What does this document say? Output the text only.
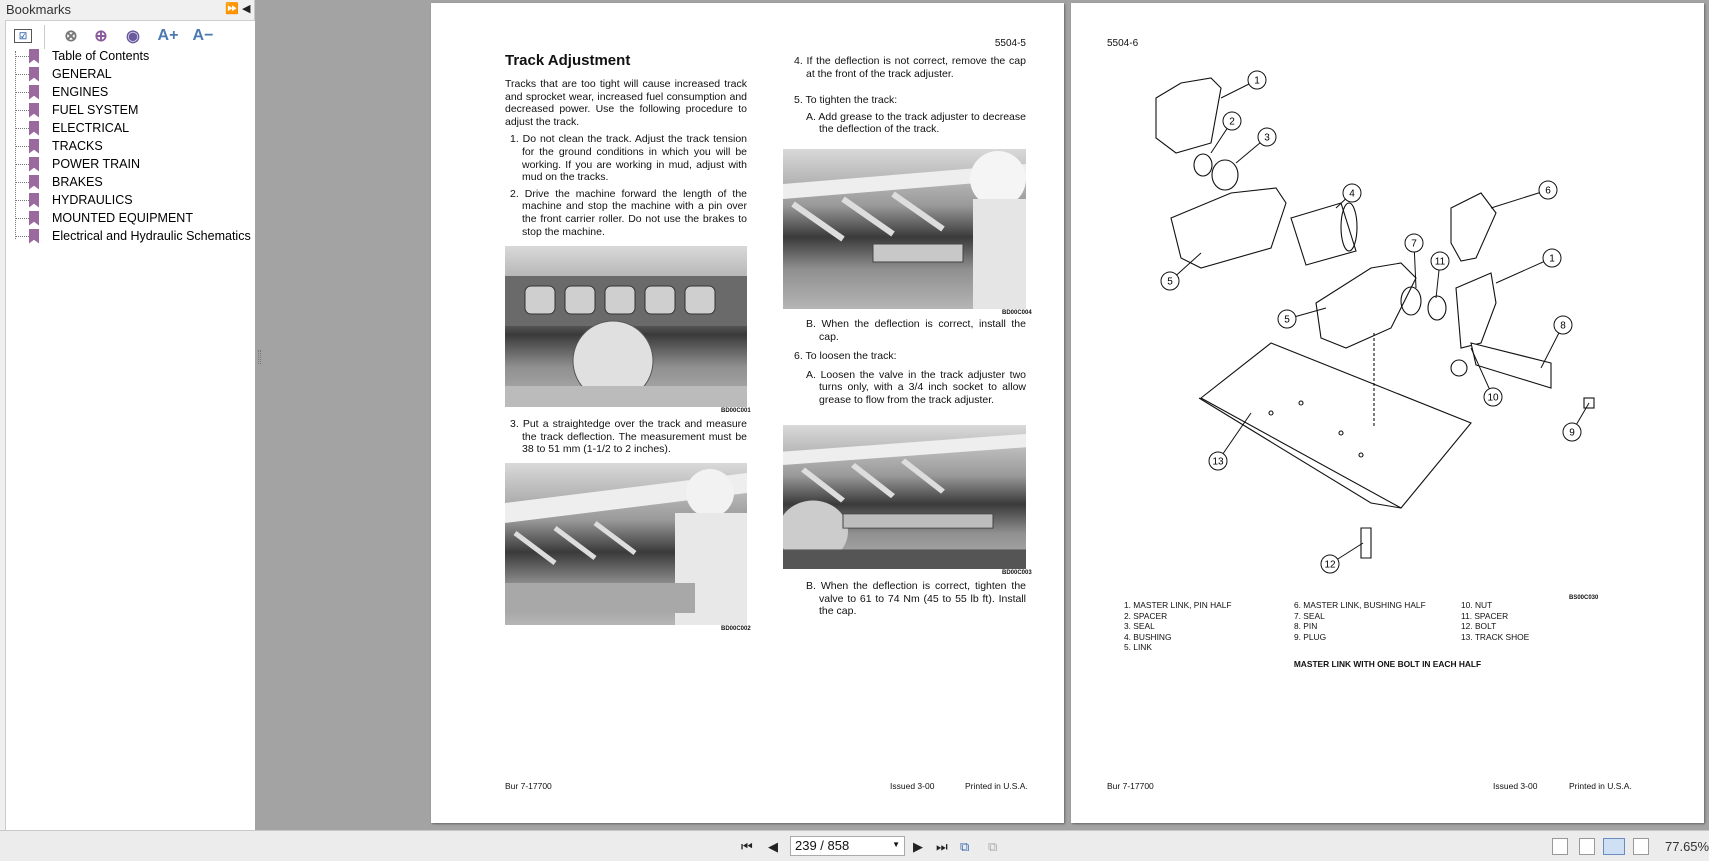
Bookmarks	⏩ ◀
☑	⊗ ⊕ ◉ A+ A−
Table of Contents
GENERAL
ENGINES
FUEL SYSTEM
ELECTRICAL
TRACKS
POWER TRAIN
BRAKES
HYDRAULICS
MOUNTED EQUIPMENT
Electrical and Hydraulic Schematics
5504-5
Track Adjustment
Tracks that are too tight will cause increased track and sprocket wear, increased fuel consumption and decreased power. Use the following procedure to adjust the track.
1. Do not clean the track. Adjust the track tension for the ground conditions in which you will be working. If you are working in mud, adjust with mud on the tracks.
2. Drive the machine forward the length of the machine and stop the machine with a pin over the front carrier roller. Do not use the brakes to stop the machine.
BD00C001
3. Put a straightedge over the track and measure the track deflection. The measurement must be 38 to 51 mm (1-1/2 to 2 inches).
BD00C002
4. If the deflection is not correct, remove the cap at the front of the track adjuster.
5. To tighten the track:
A. Add grease to the track adjuster to decrease the deflection of the track.
BD00C004
B. When the deflection is correct, install the cap.
6. To loosen the track:
A. Loosen the valve in the track adjuster two turns only, with a 3/4 inch socket to allow grease to flow from the track adjuster.
BD00C003
B. When the deflection is correct, tighten the valve to 61 to 74 Nm (45 to 55 lb ft). Install the cap.
Bur 7-17700	Issued 3-00	Printed in U.S.A.
5504-6
1
2
3
4	6
7
11	1
5
5
8
10
9
13
12
BS00C030
1. MASTER LINK, PIN HALF
2. SPACER
3. SEAL
4. BUSHING
5. LINK
6. MASTER LINK, BUSHING HALF
7. SEAL
8. PIN
9. PLUG
10. NUT
11. SPACER
12. BOLT
13. TRACK SHOE
MASTER LINK WITH ONE BOLT IN EACH HALF
Bur 7-17700	Issued 3-00	Printed in U.S.A.
⏮ ◀	239 / 858	▼ ▶ ⏭ ⧉ ⧉	77.65%
